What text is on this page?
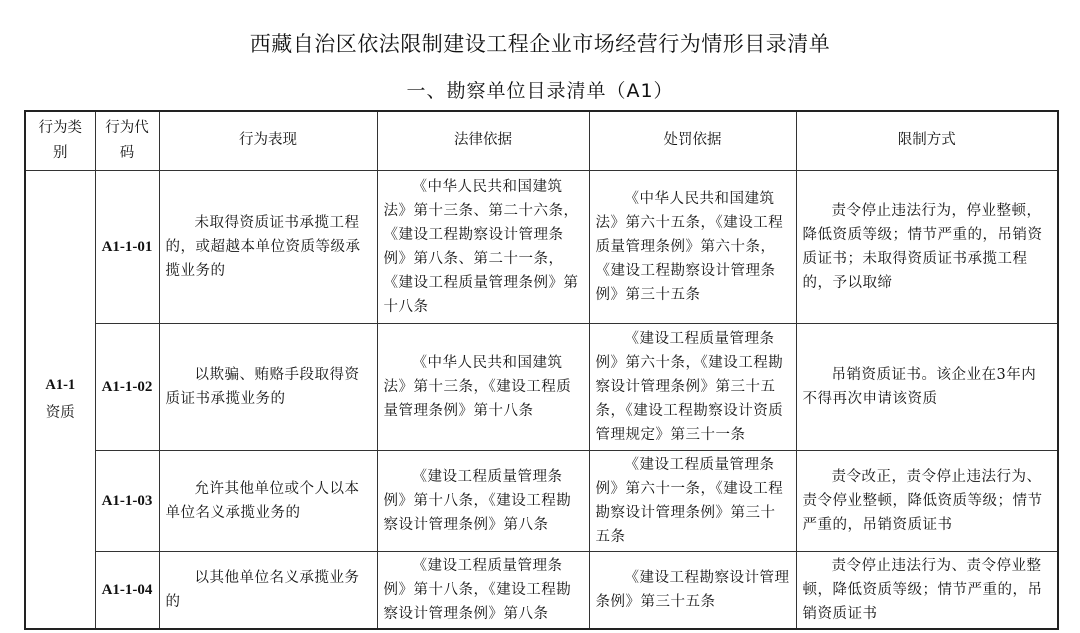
西藏自治区依法限制建设工程企业市场经营行为情形目录清单
一、勘察单位目录清单（A1）
行为类别	行为代码	行为表现	法律依据	处罚依据	限制方式

A1-1
资质	A1-1-01	未取得资质证书承揽工程的，或超越本单位资质等级承揽业务的	《中华人民共和国建筑法》第十三条、第二十六条，《建设工程勘察设计管理条例》第八条、第二十一条，《建设工程质量管理条例》第十八条	《中华人民共和国建筑法》第六十五条，《建设工程质量管理条例》第六十条，《建设工程勘察设计管理条例》第三十五条	责令停止违法行为，停业整顿，降低资质等级；情节严重的，吊销资质证书；未取得资质证书承揽工程的，予以取缔
	A1-1-02	以欺骗、贿赂手段取得资质证书承揽业务的	《中华人民共和国建筑法》第十三条，《建设工程质量管理条例》第十八条	《建设工程质量管理条例》第六十条，《建设工程勘察设计管理条例》第三十五条，《建设工程勘察设计资质管理规定》第三十一条	吊销资质证书。该企业在3年内不得再次申请该资质
	A1-1-03	允许其他单位或个人以本单位名义承揽业务的	《建设工程质量管理条例》第十八条，《建设工程勘察设计管理条例》第八条	《建设工程质量管理条例》第六十一条，《建设工程勘察设计管理条例》第三十五条	责令改正，责令停止违法行为、责令停业整顿，降低资质等级；情节严重的，吊销资质证书
	A1-1-04	以其他单位名义承揽业务的	《建设工程质量管理条例》第十八条，《建设工程勘察设计管理条例》第八条	《建设工程勘察设计管理条例》第三十五条	责令停止违法行为、责令停业整顿，降低资质等级；情节严重的，吊销资质证书
